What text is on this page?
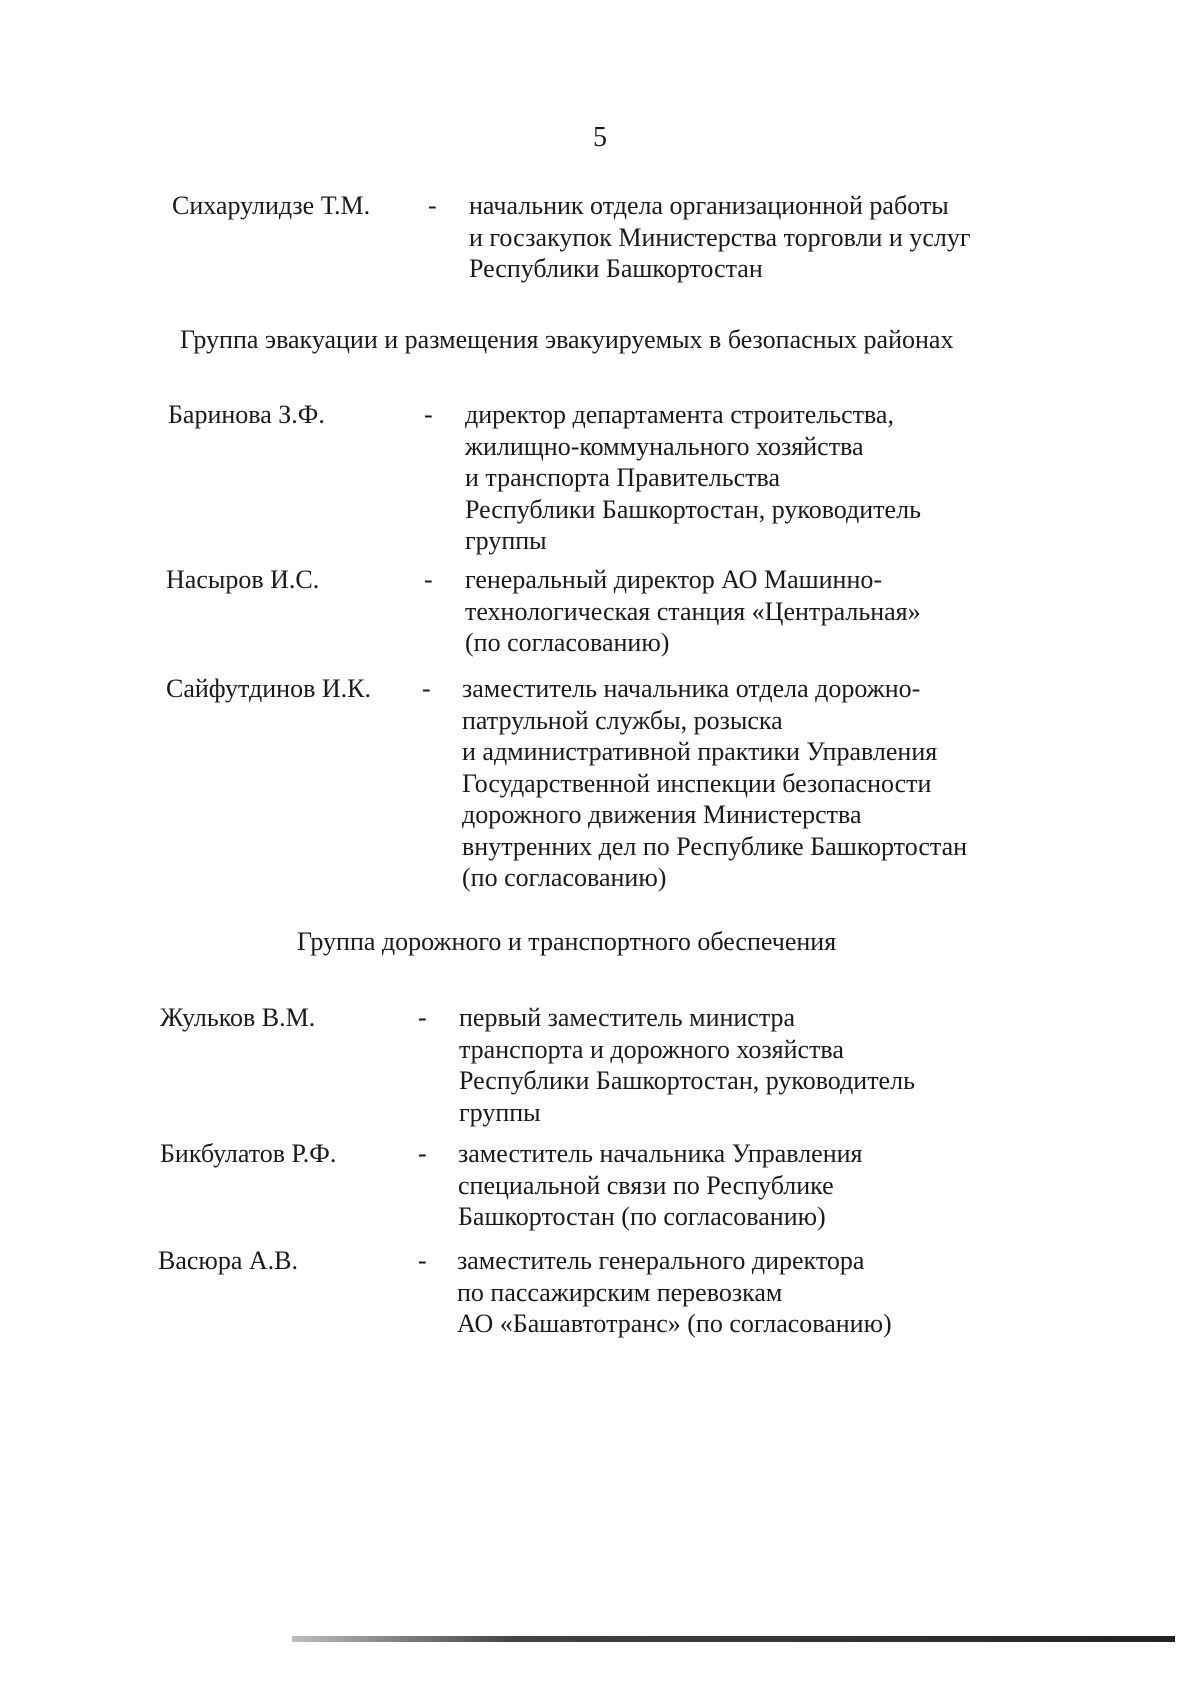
5
Сихарулидзе Т.М. - начальник отдела организационной работы
и госзакупок Министерства торговли и услуг
Республики Башкортостан
Группа эвакуации и размещения эвакуируемых в безопасных районах
Баринова З.Ф.	- директор департамента строительства,
жилищно-коммунального хозяйства
и транспорта Правительства
Республики Башкортостан, руководитель
группы
Насыров И.С.	- генеральный директор АО Машинно-
технологическая станция «Центральная»
(по согласованию)
Сайфутдинов И.К. - заместитель начальника отдела дорожно-
патрульной службы, розыска
и административной практики Управления
Государственной инспекции безопасности
дорожного движения Министерства
внутренних дел по Республике Башкортостан
(по согласованию)
Группа дорожного и транспортного обеспечения
Жульков В.М.	- первый заместитель министра
транспорта и дорожного хозяйства
Республики Башкортостан, руководитель
группы
Бикбулатов Р.Ф.	- заместитель начальника Управления
специальной связи по Республике
Башкортостан (по согласованию)
Васюра А.В.	- заместитель генерального директора
по пассажирским перевозкам
АО «Башавтотранс» (по согласованию)
